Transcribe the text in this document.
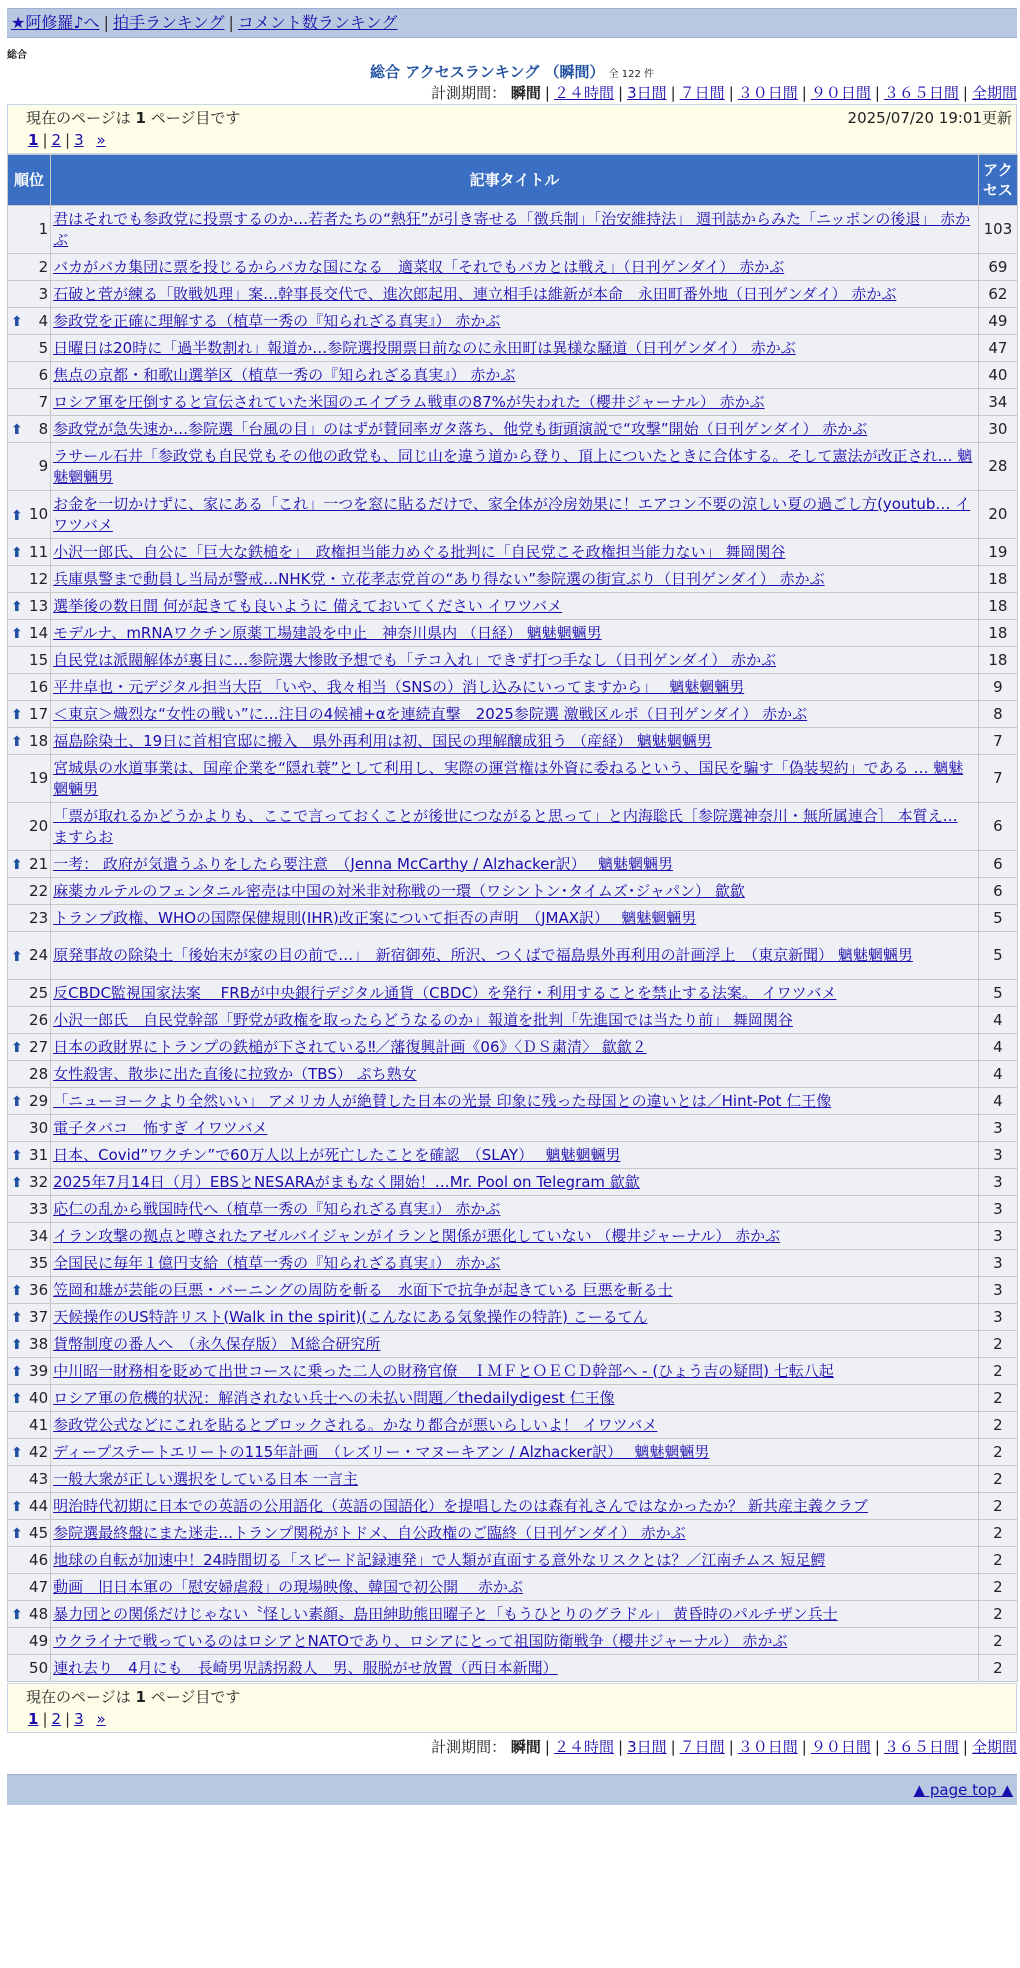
★阿修羅♪へ | 拍手ランキング | コメント数ランキング
総合
総合 アクセスランキング （瞬間） 全 122 件
計測期間： 瞬間 | ２４時間 | 3日間 | ７日間 | ３０日間 | ９０日間 | ３６５日間 | 全期間
現在のページは 1 ページ目です	2025/07/20 19:01更新
1 | 2 | 3 »
順位	記事タイトル	アクセス
1	君はそれでも参政党に投票するのか…若者たちの“熱狂”が引き寄せる「徴兵制」「治安維持法」 週刊誌からみた「ニッポンの後退」 赤かぶ	103
2	バカがバカ集団に票を投じるからバカな国になる　適菜収「それでもバカとは戦え」（日刊ゲンダイ） 赤かぶ	69
3	石破と菅が練る「敗戦処理」案…幹事長交代で、進次郎起用、連立相手は維新が本命　永田町番外地（日刊ゲンダイ） 赤かぶ	62

⬆ 4	参政党を正確に理解する（植草一秀の『知られざる真実』） 赤かぶ	49
5	日曜日は20時に「過半数割れ」報道か…参院選投開票日前なのに永田町は異様な騒道（日刊ゲンダイ） 赤かぶ	47
6	焦点の京都・和歌山選挙区（植草一秀の『知られざる真実』） 赤かぶ	40
7	ロシア軍を圧倒すると宣伝されていた米国のエイブラム戦車の87%が失われた（櫻井ジャーナル） 赤かぶ	34

⬆ 8	参政党が急失速か…参院選「台風の目」のはずが賛同率ガタ落ち、他党も街頭演説で“攻撃”開始（日刊ゲンダイ） 赤かぶ	30
9	ラサール石井「参政党も自民党もその他の政党も、同じ山を違う道から登り、頂上についたときに合体する。そして憲法が改正され… 魑魅魍魎男	28

⬆ 10	お金を一切かけずに、家にある「これ」一つを窓に貼るだけで、家全体が冷房効果に！エアコン不要の涼しい夏の過ごし方(youtub… イワツバメ	20

⬆ 11	小沢一郎氏、自公に「巨大な鉄槌を」　政権担当能力めぐる批判に「自民党こそ政権担当能力ない」 舞岡関谷	19
12	兵庫県警まで動員し当局が警戒…NHK党・立花孝志党首の“あり得ない”参院選の街宣ぶり（日刊ゲンダイ） 赤かぶ	18

⬆ 13	選挙後の数日間 何が起きても良いように 備えておいてください イワツバメ	18

⬆ 14	モデルナ、mRNAワクチン原薬工場建設を中止　神奈川県内 （日経） 魑魅魍魎男	18
15	自民党は派閥解体が裏目に…参院選大惨敗予想でも「テコ入れ」できず打つ手なし（日刊ゲンダイ） 赤かぶ	18
16	平井卓也・元デジタル担当大臣 「いや、我々相当（SNSの）消し込みにいってますから」　 魑魅魍魎男	9

⬆ 17	＜東京＞熾烈な“女性の戦い”に…注目の4候補+αを連続直撃　2025参院選 激戦区ルポ（日刊ゲンダイ） 赤かぶ	8

⬆ 18	福島除染土、19日に首相官邸に搬入　県外再利用は初、国民の理解醸成狙う （産経） 魑魅魍魎男	7
19	宮城県の水道事業は、国産企業を“隠れ蓑”として利用し、実際の運営権は外資に委ねるという、国民を騙す「偽装契約」である … 魑魅魍魎男	7
20	「票が取れるかどうかよりも、ここで言っておくことが後世につながると思って」と内海聡氏［参院選神奈川・無所属連合］ 本質え… ますらお	6

⬆ 21	一考： 政府が気遣うふりをしたら要注意　（Jenna McCarthy / Alzhacker訳）　 魑魅魍魎男	6
22	麻薬カルテルのフェンタニル密売は中国の対米非対称戦の一環（ワシントン･タイムズ･ジャパン） 歙歙	6
23	トランプ政権、WHOの国際保健規則(IHR)改正案について拒否の声明　（JMAX訳）　 魑魅魍魎男	5

⬆ 24	原発事故の除染土「後始末が家の目の前で…」　新宿御苑、所沢、つくばで福島県外再利用の計画浮上　（東京新聞） 魑魅魍魎男	5
25	反CBDC監視国家法案　 FRBが中央銀行デジタル通貨（CBDC）を発行・利用することを禁止する法案。 イワツバメ	5
26	小沢一郎氏　自民党幹部「野党が政権を取ったらどうなるのか」報道を批判「先進国では当たり前」 舞岡関谷	4

⬆ 27	日本の政財界にトランプの鉄槌が下されている‼／藩復興計画《06》〈ＤＳ粛清〉 歙歙２	4
28	女性殺害、散歩に出た直後に拉致か（TBS） ぷち熟女	4

⬆ 29	「ニューヨークより全然いい」 アメリカ人が絶賛した日本の光景 印象に残った母国との違いとは／Hint-Pot 仁王像	4
30	電子タバコ　怖すぎ イワツバメ	3

⬆ 31	日本、Covid”ワクチン”で60万人以上が死亡したことを確認　（SLAY）　 魑魅魍魎男	3

⬆ 32	2025年7月14日（月）EBSとNESARAがまもなく開始！…Mr. Pool on Telegram 歙歙	3
33	応仁の乱から戦国時代へ（植草一秀の『知られざる真実』） 赤かぶ	3
34	イラン攻撃の拠点と噂されたアゼルバイジャンがイランと関係が悪化していない （櫻井ジャーナル） 赤かぶ	3
35	全国民に毎年１億円支給（植草一秀の『知られざる真実』） 赤かぶ	3

⬆ 36	笠岡和雄が芸能の巨悪・バーニングの周防を斬る　水面下で抗争が起きている 巨悪を斬る士	3

⬆ 37	天候操作のUS特許リスト(Walk in the spirit)(こんなにある気象操作の特許) こーるてん	3

⬆ 38	貨幣制度の番人へ　（永久保存版） Ｍ総合研究所	2

⬆ 39	中川昭一財務相を貶めて出世コースに乗った二人の財務官僚　ＩＭＦとＯＥＣＤ幹部へ - (ひょう吉の疑問) 七転八起	2

⬆ 40	ロシア軍の危機的状況：解消されない兵士への未払い問題／thedailydigest 仁王像	2
41	参政党公式などにこれを貼るとブロックされる。かなり都合が悪いらしいよ！ イワツバメ	2

⬆ 42	ディープステートエリートの115年計画　（レズリー・マヌーキアン / Alzhacker訳）　 魑魅魍魎男	2
43	一般大衆が正しい選択をしている日本 一言主	2

⬆ 44	明治時代初期に日本での英語の公用語化（英語の国語化）を提唱したのは森有礼さんではなかったか？ 新共産主義クラブ	2

⬆ 45	参院選最終盤にまた迷走…トランプ関税がトドメ、自公政権のご臨終（日刊ゲンダイ） 赤かぶ	2
46	地球の自転が加速中！24時間切る「スピード記録連発」で人類が直面する意外なリスクとは？／江南チムス 短足鰐	2
47	動画　旧日本軍の「慰安婦虐殺」の現場映像、韓国で初公開　 赤かぶ	2

⬆ 48	暴力団との関係だけじゃない〝怪しい素顔〟島田紳助熊田曜子と「もうひとりのグラドル」 黄昏時のパルチザン兵士	2
49	ウクライナで戦っているのはロシアとNATOであり、ロシアにとって祖国防衛戦争（櫻井ジャーナル） 赤かぶ	2
50	連れ去り　4月にも　長崎男児誘拐殺人　男、服脱がせ放置（西日本新聞）	2
現在のページは 1 ページ目です
1 | 2 | 3 »
計測期間： 瞬間 | ２４時間 | 3日間 | ７日間 | ３０日間 | ９０日間 | ３６５日間 | 全期間
▲ page top ▲
